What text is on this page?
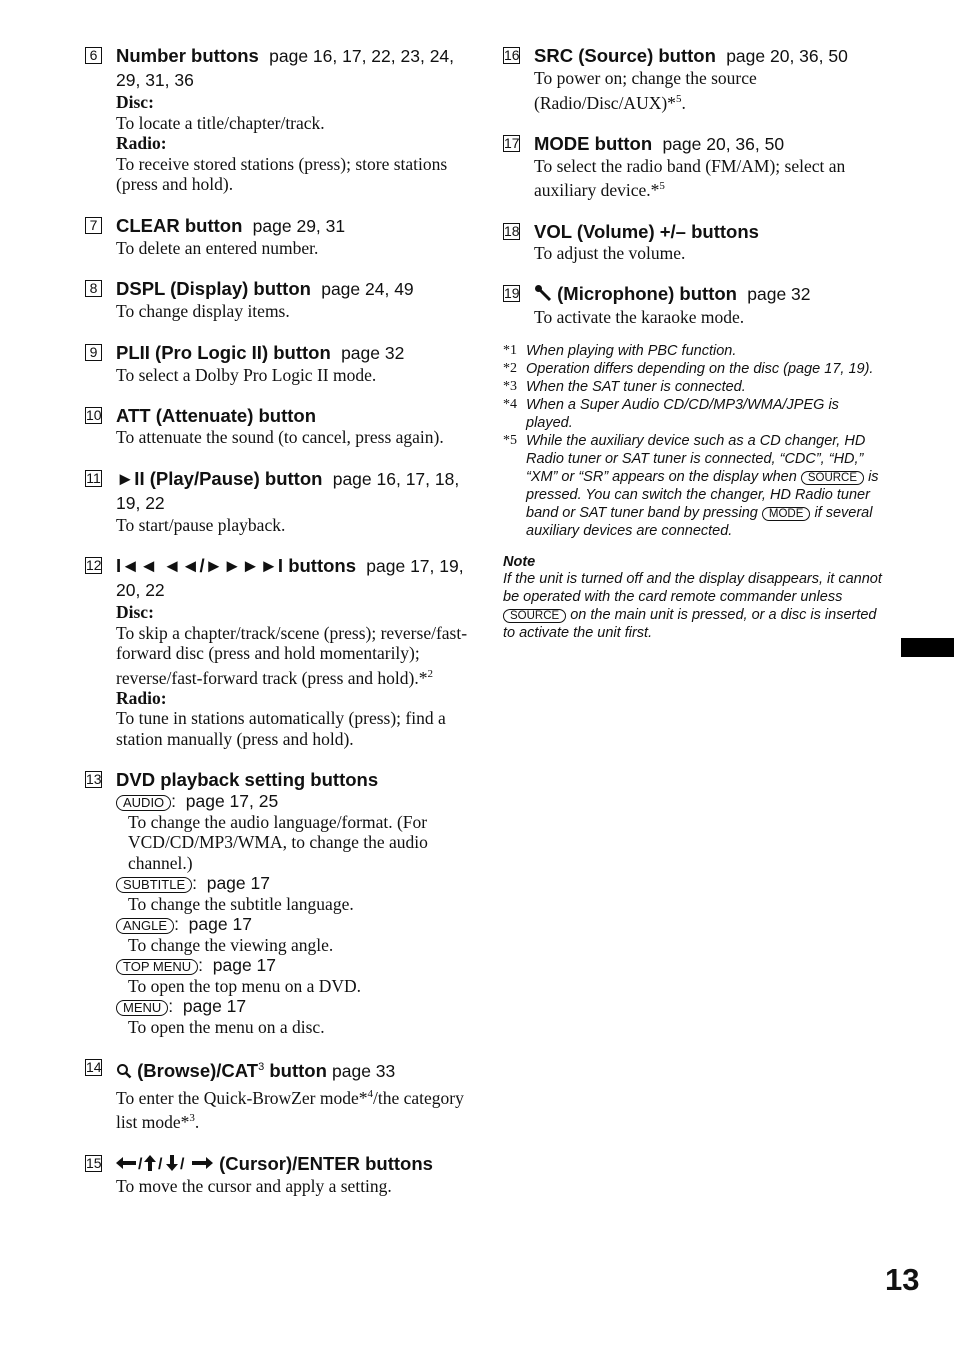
6 Number buttons page 16, 17, 22, 23, 24, 29, 31, 36
Disc:
To locate a title/chapter/track.
Radio:
To receive stored stations (press); store stations (press and hold).
7 CLEAR button page 29, 31
To delete an entered number.
8 DSPL (Display) button page 24, 49
To change display items.
9 PLII (Pro Logic II) button page 32
To select a Dolby Pro Logic II mode.
10 ATT (Attenuate) button
To attenuate the sound (to cancel, press again).
11 ►II (Play/Pause) button page 16, 17, 18, 19, 22
To start/pause playback.
12 I◄◄ ◄◄/►►►►I buttons page 17, 19, 20, 22
Disc:
To skip a chapter/track/scene (press); reverse/fast-forward disc (press and hold momentarily); reverse/fast-forward track (press and hold).*$^2$
Radio:
To tune in stations automatically (press); find a station manually (press and hold).
13 DVD playback setting buttons
AUDIO :  page 17, 25
To change the audio language/format. (For VCD/CD/MP3/WMA, to change the audio channel.)
SUBTITLE :  page 17
To change the subtitle language.
ANGLE :  page 17
To change the viewing angle.
TOP MENU :  page 17
To open the top menu on a DVD.
MENU :  page 17
To open the menu on a disc.
14	(Browse)/CAT$^3$ button page 33
To enter the Quick-BrowZer mode*$^4$/the category list mode*$^3$.
15 / / / (Cursor)/ENTER buttons
To move the cursor and apply a setting.
16 SRC (Source) button page 20, 36, 50
To power on; change the source (Radio/Disc/AUX)*$^5$.
17 MODE button page 20, 36, 50
To select the radio band (FM/AM); select an auxiliary device.*$^5$
18 VOL (Volume) +/– buttons
To adjust the volume.
19	(Microphone) button page 32
To activate the karaoke mode.
*1 When playing with PBC function.
*2 Operation differs depending on the disc (page 17, 19).
*3 When the SAT tuner is connected.
*4 When a Super Audio CD/CD/MP3/WMA/JPEG is played.
*5 While the auxiliary device such as a CD changer, HD Radio tuner or SAT tuner is connected, “CDC”, “HD,” “XM” or “SR” appears on the display when SOURCE is pressed. You can switch the changer, HD Radio tuner band or SAT tuner band by pressing MODE if several auxiliary devices are connected.
Note
If the unit is turned off and the display disappears, it cannot be operated with the card remote commander unless SOURCE on the main unit is pressed, or a disc is inserted to activate the unit first.
13
